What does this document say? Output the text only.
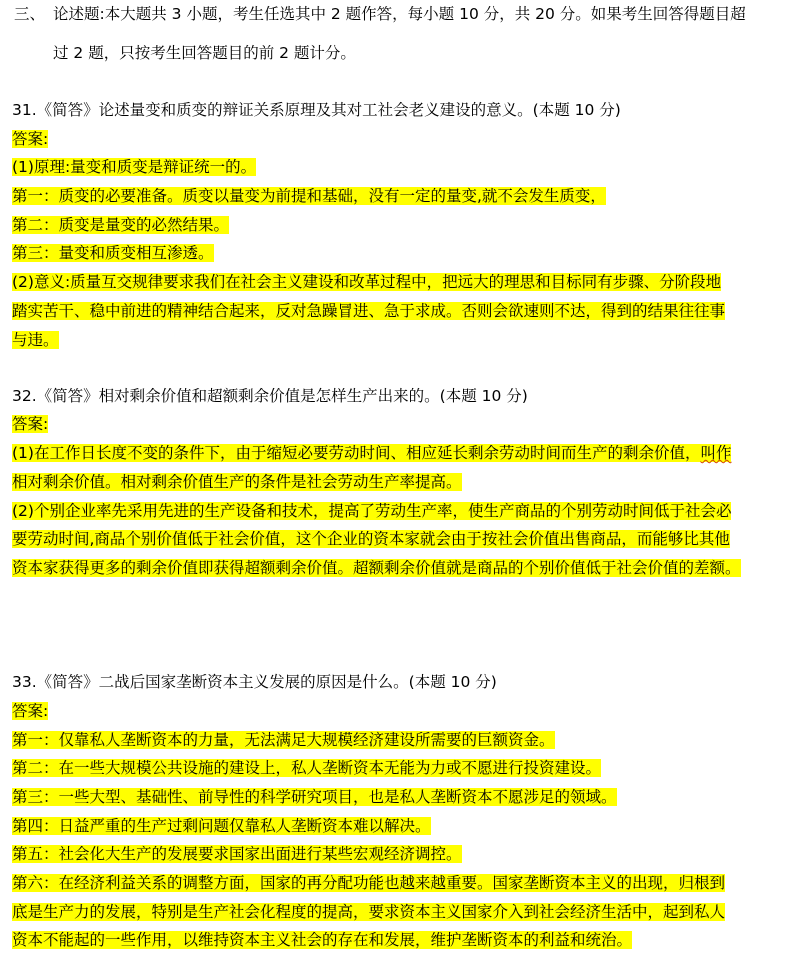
三、 论述题:本大题共 3 小题，考生任选其中 2 题作答，每小题 10 分，共 20 分。如果考生回答得题目超
过 2 题，只按考生回答题目的前 2 题计分。
31.《简答》论述量变和质变的辩证关系原理及其对工社会老义建设的意义。(本题 10 分)
答案:
(1)原理:量变和质变是辩证统一的。
第一：质变的必要准备。质变以量变为前提和基础，没有一定的量变,就不会发生质变，
第二：质变是量变的必然结果。
第三：量变和质变相互渗透。
(2)意义:质量互交规律要求我们在社会主义建设和改革过程中，把远大的理思和目标同有步骤、分阶段地
踏实苦干、稳中前进的精神结合起来，反对急躁冒进、急于求成。否则会欲速则不达，得到的结果往往事
与违。
32.《简答》相对剩余价值和超额剩余价值是怎样生产出来的。(本题 10 分)
答案:
(1)在工作日长度不变的条件下，由于缩短必要劳动时间、相应延长剩余劳动时间而生产的剩余价值，叫作
相对剩余价值。相对剩余价值生产的条件是社会劳动生产率提高。
(2)个别企业率先采用先进的生产设备和技术，提高了劳动生产率，使生产商品的个别劳动时间低于社会必
要劳动时间,商品个别价值低于社会价值，这个企业的资本家就会由于按社会价值出售商品，而能够比其他
资本家获得更多的剩余价值即获得超额剩余价值。超额剩余价值就是商品的个别价值低于社会价值的差额。
33.《简答》二战后国家垄断资本主义发展的原因是什么。(本题 10 分)
答案:
第一：仅靠私人垄断资本的力量，无法满足大规模经济建设所需要的巨额资金。
第二：在一些大规模公共设施的建设上，私人垄断资本无能为力或不愿进行投资建设。
第三：一些大型、基础性、前导性的科学研究项目，也是私人垄断资本不愿涉足的领域。
第四：日益严重的生产过剩问题仅靠私人垄断资本难以解决。
第五：社会化大生产的发展要求国家出面进行某些宏观经济调控。
第六：在经济利益关系的调整方面，国家的再分配功能也越来越重要。国家垄断资本主义的出现，归根到
底是生产力的发展，特别是生产社会化程度的提高，要求资本主义国家介入到社会经济生活中，起到私人
资本不能起的一些作用，以维持资本主义社会的存在和发展，维护垄断资本的利益和统治。
